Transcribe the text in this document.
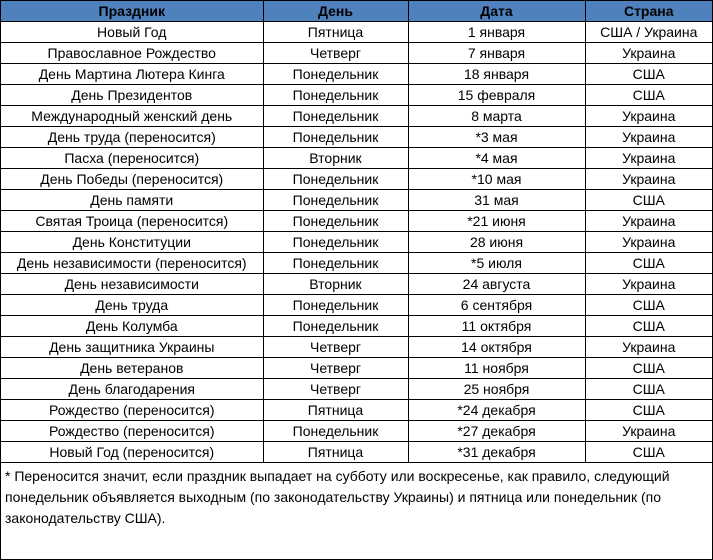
Праздник	День	Дата	Страна
Новый Год	Пятница	1 января	США / Украина
Православное Рождество	Четверг	7 января	Украина
День Мартина Лютера Кинга	Понедельник	18 января	США
День Президентов	Понедельник	15 февраля	США
Международный женский день	Понедельник	8 марта	Украина
День труда (переносится)	Понедельник	*3 мая	Украина
Пасха (переносится)	Вторник	*4 мая	Украина
День Победы (переносится)	Понедельник	*10 мая	Украина
День памяти	Понедельник	31 мая	США
Святая Троица (переносится)	Понедельник	*21 июня	Украина
День Конституции	Понедельник	28 июня	Украина
День независимости (переносится)	Понедельник	*5 июля	США
День независимости	Вторник	24 августа	Украина
День труда	Понедельник	6 сентября	США
День Колумба	Понедельник	11 октября	США
День защитника Украины	Четверг	14 октября	Украина
День ветеранов	Четверг	11 ноября	США
День благодарения	Четверг	25 ноября	США
Рождество (переносится)	Пятница	*24 декабря	США
Рождество (переносится)	Понедельник	*27 декабря	Украина
Новый Год (переносится)	Пятница	*31 декабря	США
* Переносится значит, если праздник выпадает на субботу или воскресенье, как правило, следующий понедельник объявляется выходным (по законодательству Украины) и пятница или понедельник (по законодательству США).
